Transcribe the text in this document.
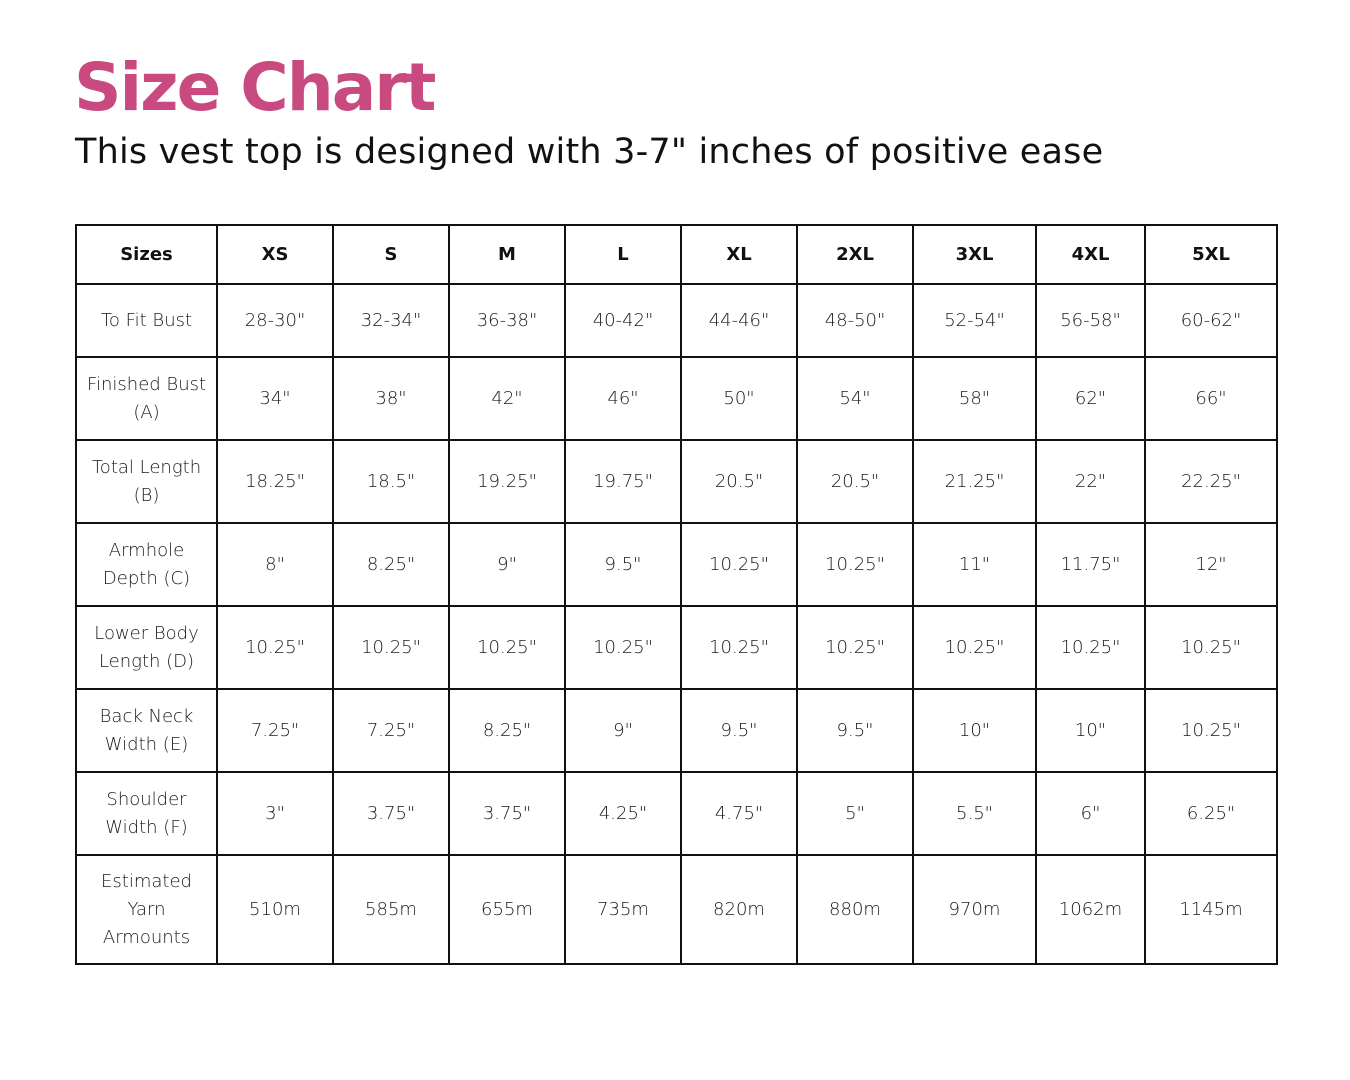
Size Chart

This vest top is designed with 3-7" inches of positive ease

Sizes	XS	S	M	L	XL	2XL	3XL	4XL	5XL
To Fit Bust	28-30"	32-34"	36-38"	40-42"	44-46"	48-50"	52-54"	56-58"	60-62"
Finished Bust
(A)	34"	38"	42"	46"	50"	54"	58"	62"	66"
Total Length
(B)	18.25"	18.5"	19.25"	19.75"	20.5"	20.5"	21.25"	22"	22.25"
Armhole
Depth (C)	8"	8.25"	9"	9.5"	10.25"	10.25"	11"	11.75"	12"
Lower Body
Length (D)	10.25"	10.25"	10.25"	10.25"	10.25"	10.25"	10.25"	10.25"	10.25"
Back Neck
Width (E)	7.25"	7.25"	8.25"	9"	9.5"	9.5"	10"	10"	10.25"
Shoulder
Width (F)	3"	3.75"	3.75"	4.25"	4.75"	5"	5.5"	6"	6.25"
Estimated
Yarn
Armounts	510m	585m	655m	735m	820m	880m	970m	1062m	1145m
